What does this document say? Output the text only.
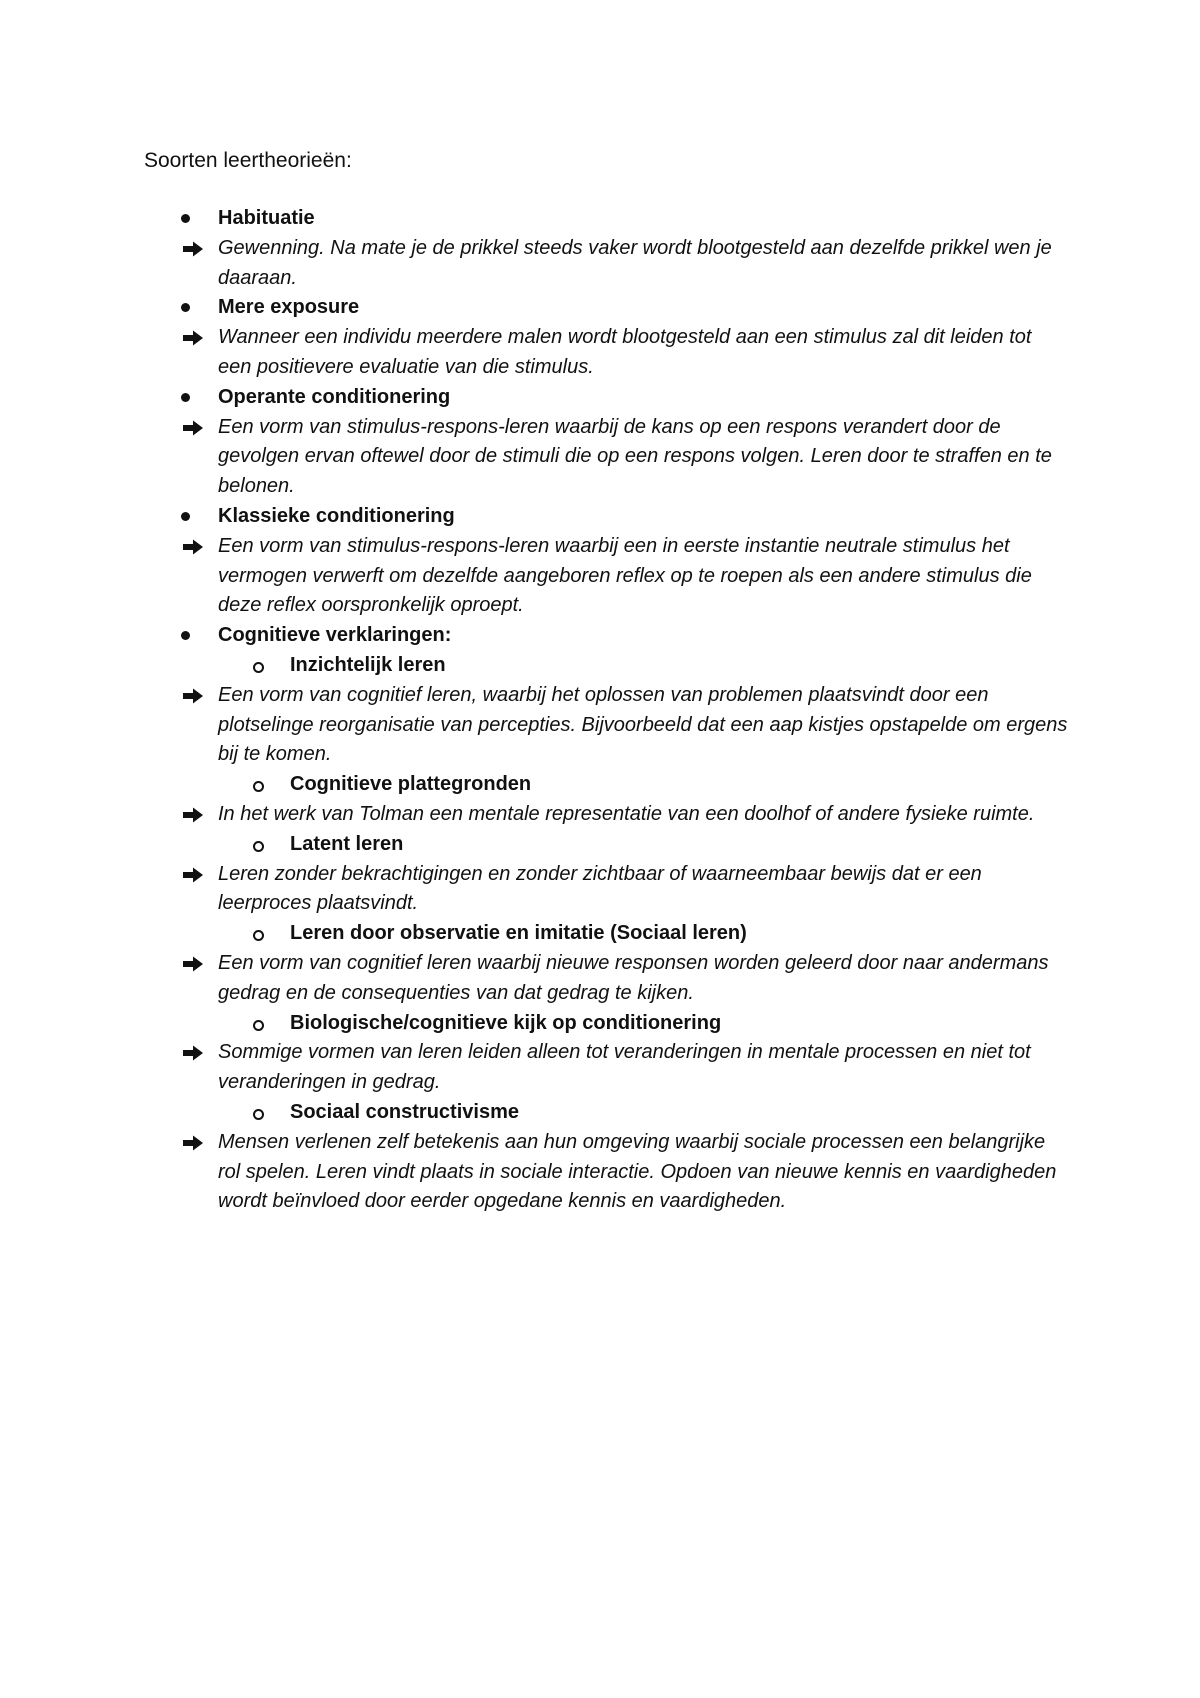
Soorten leertheorieën:
Habituatie
Gewenning. Na mate je de prikkel steeds vaker wordt blootgesteld aan dezelfde prikkel wen je daaraan.
Mere exposure
Wanneer een individu meerdere malen wordt blootgesteld aan een stimulus zal dit leiden tot een positievere evaluatie van die stimulus.
Operante conditionering
Een vorm van stimulus-respons-leren waarbij de kans op een respons verandert door de gevolgen ervan oftewel door de stimuli die op een respons volgen. Leren door te straffen en te belonen.
Klassieke conditionering
Een vorm van stimulus-respons-leren waarbij een in eerste instantie neutrale stimulus het vermogen verwerft om dezelfde aangeboren reflex op te roepen als een andere stimulus die deze reflex oorspronkelijk oproept.
Cognitieve verklaringen:
Inzichtelijk leren
Een vorm van cognitief leren, waarbij het oplossen van problemen plaatsvindt door een plotselinge reorganisatie van percepties. Bijvoorbeeld dat een aap kistjes opstapelde om ergens bij te komen.
Cognitieve plattegronden
In het werk van Tolman een mentale representatie van een doolhof of andere fysieke ruimte.
Latent leren
Leren zonder bekrachtigingen en zonder zichtbaar of waarneembaar bewijs dat er een leerproces plaatsvindt.
Leren door observatie en imitatie (Sociaal leren)
Een vorm van cognitief leren waarbij nieuwe responsen worden geleerd door naar andermans gedrag en de consequenties van dat gedrag te kijken.
Biologische/cognitieve kijk op conditionering
Sommige vormen van leren leiden alleen tot veranderingen in mentale processen en niet tot veranderingen in gedrag.
Sociaal constructivisme
Mensen verlenen zelf betekenis aan hun omgeving waarbij sociale processen een belangrijke rol spelen. Leren vindt plaats in sociale interactie. Opdoen van nieuwe kennis en vaardigheden wordt beïnvloed door eerder opgedane kennis en vaardigheden.
